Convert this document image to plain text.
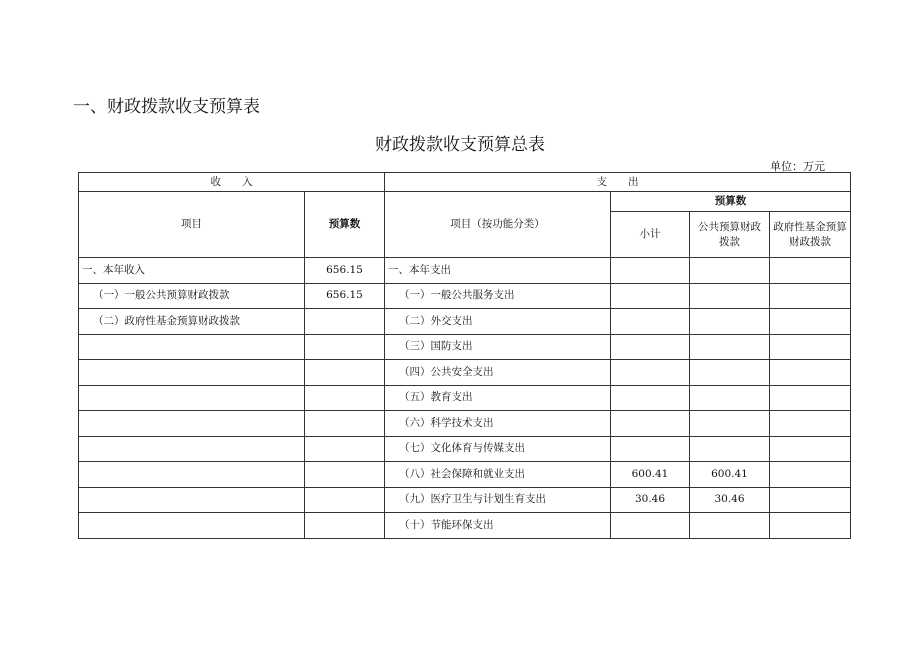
一、财政拨款收支预算表
财政拨款收支预算总表
单位：万元
收　　入		支　　出			
项目	预算数	项目（按功能分类）	预算数		
			小计	公共预算财政拨款	政府性基金预算财政拨款
一、本年收入	656.15	一、本年支出			
（一）一般公共预算财政拨款	656.15	（一）一般公共服务支出			
（二）政府性基金预算财政拨款		（二）外交支出			
		（三）国防支出			
		（四）公共安全支出			
		（五）教育支出			
		（六）科学技术支出			
		（七）文化体育与传媒支出			
		（八）社会保障和就业支出	600.41	600.41	
		（九）医疗卫生与计划生育支出	30.46	30.46	
		（十）节能环保支出			
